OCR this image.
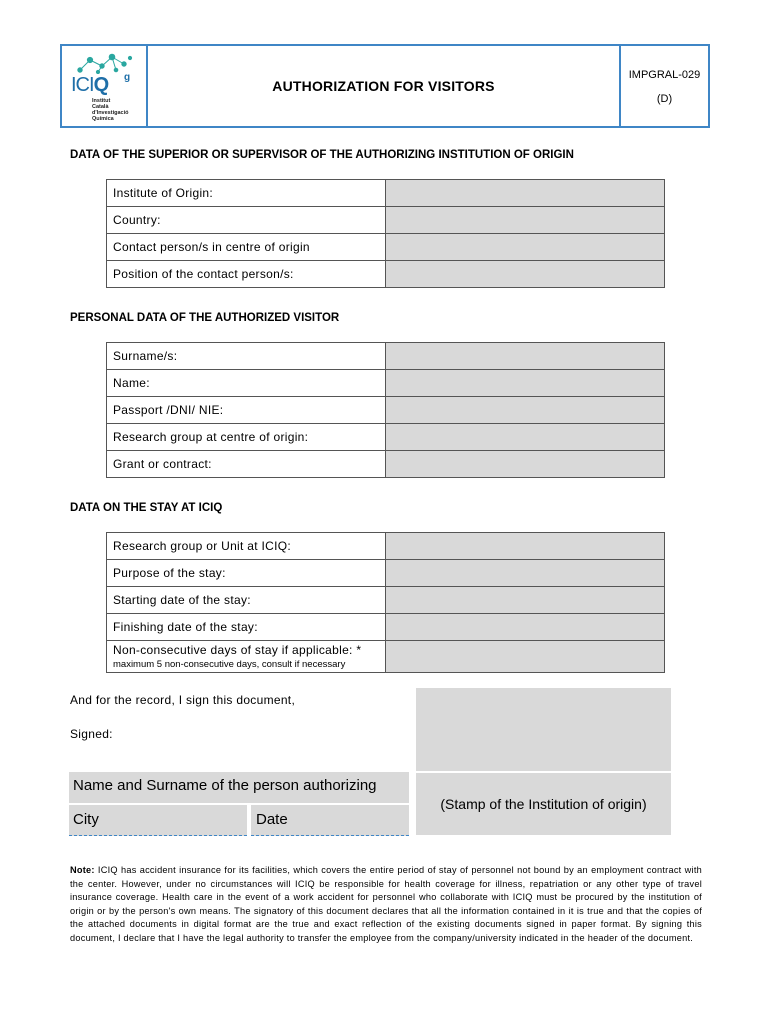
ICIQ g
Institut
Català
d'Investigació
Química
AUTHORIZATION FOR VISITORS
IMPGRAL-029
(D)
DATA OF THE SUPERIOR OR SUPERVISOR OF THE AUTHORIZING INSTITUTION OF ORIGIN
Institute of Origin:	
Country:	
Contact person/s in centre of origin	
Position of the contact person/s:	
PERSONAL DATA OF THE AUTHORIZED VISITOR
Surname/s:	
Name:	
Passport /DNI/ NIE:	
Research group at centre of origin:	
Grant or contract:	
DATA ON THE STAY AT ICIQ
Research group or Unit at ICIQ:	
Purpose of the stay:	
Starting date of the stay:	
Finishing date of the stay:	
Non-consecutive days of stay if applicable: *
maximum 5 non-consecutive days, consult if necessary	

And for the record, I sign this document,
Signed:
Name and Surname of the person authorizing
City	Date
(Stamp of the Institution of origin)
Note: ICIQ has accident insurance for its facilities, which covers the entire period of stay of personnel not bound by an employment contract with the center. However, under no circumstances will ICIQ be responsible for health coverage for illness, repatriation or any other type of travel insurance coverage. Health care in the event of a work accident for personnel who collaborate with ICIQ must be procured by the institution of origin or by the person's own means. The signatory of this document declares that all the information contained in it is true and that the copies of the attached documents in digital format are the true and exact reflection of the existing documents signed in paper format. By signing this document, I declare that I have the legal authority to transfer the employee from the company/university indicated in the header of the document.
